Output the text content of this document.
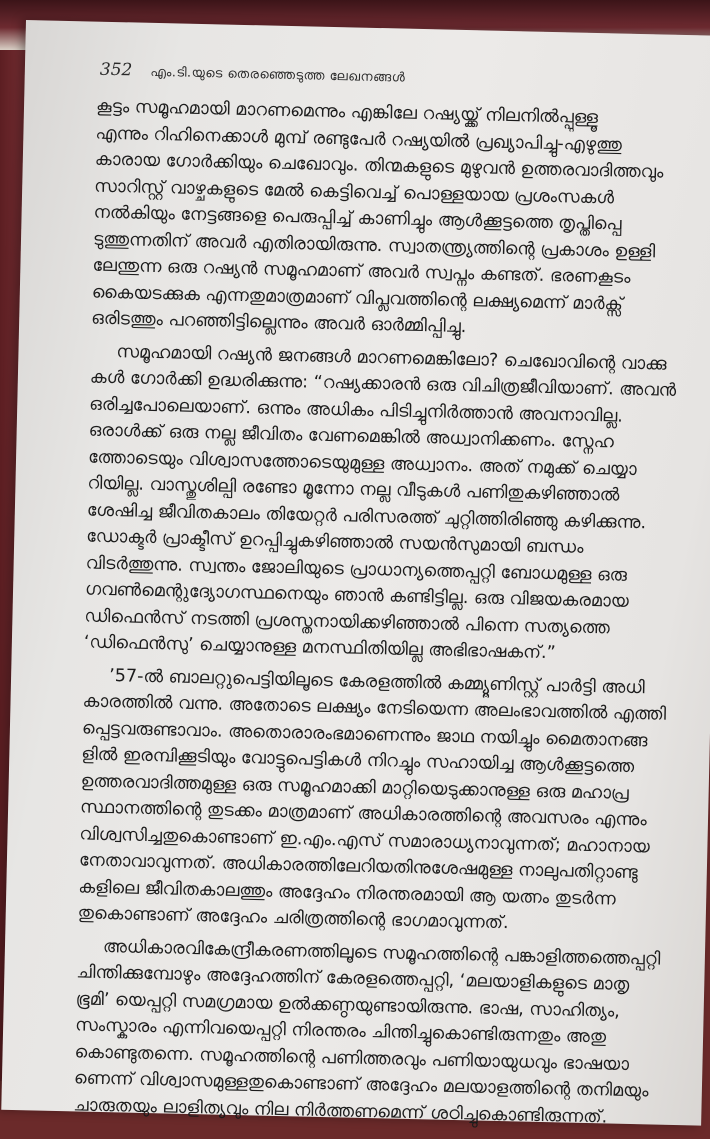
352 എം.ടി.യുടെ തെരഞ്ഞെടുത്ത ലേഖനങ്ങൾ

കൂട്ടം സമൂഹമായി മാറണമെന്നും എങ്കിലേ റഷ്യയ്ക്ക് നിലനിൽപ്പുള്ളൂ
എന്നും റിഹിനെക്കാൾ മുമ്പ് രണ്ടുപേർ റഷ്യയിൽ പ്രഖ്യാപിച്ചു-എഴുത്തു
കാരായ ഗോർക്കിയും ചെഖോവും. തിന്മകളുടെ മുഴുവൻ ഉത്തരവാദിത്തവും
സാറിസ്റ്റ് വാഴ്ചകളുടെ മേൽ കെട്ടിവെച്ച് പൊള്ളയായ പ്രശംസകൾ
നൽകിയും നേട്ടങ്ങളെ പെരുപ്പിച്ച് കാണിച്ചും ആൾക്കൂട്ടത്തെ തൃപ്തിപ്പെ
ടുത്തുന്നതിന് അവർ എതിരായിരുന്നു. സ്വാതന്ത്ര്യത്തിന്റെ പ്രകാശം ഉള്ളി
ലേന്തുന്ന ഒരു റഷ്യൻ സമൂഹമാണ് അവർ സ്വപ്നം കണ്ടത്. ഭരണകൂടം
കൈയടക്കുക എന്നതുമാത്രമാണ് വിപ്ലവത്തിന്റെ ലക്ഷ്യമെന്ന് മാർക്സ്
ഒരിടത്തും പറഞ്ഞിട്ടില്ലെന്നും അവർ ഓർമ്മിപ്പിച്ചു.

സമൂഹമായി റഷ്യൻ ജനങ്ങൾ മാറണമെങ്കിലോ? ചെഖോവിന്റെ വാക്കു
കൾ ഗോർക്കി ഉദ്ധരിക്കുന്നു: “റഷ്യക്കാരൻ ഒരു വിചിത്രജീവിയാണ്. അവൻ
ഒരിച്ചപോലെയാണ്. ഒന്നും അധികം പിടിച്ചുനിർത്താൻ അവനാവില്ല.
ഒരാൾക്ക് ഒരു നല്ല ജീവിതം വേണമെങ്കിൽ അധ്വാനിക്കണം. സ്നേഹ
ത്തോടെയും വിശ്വാസത്തോടെയുമുള്ള അധ്വാനം. അത് നമുക്ക് ചെയ്യാ
റിയില്ല. വാസ്തുശില്പി രണ്ടോ മൂന്നോ നല്ല വീടുകൾ പണിതുകഴിഞ്ഞാൽ
ശേഷിച്ച ജീവിതകാലം തിയേറ്റർ പരിസരത്ത് ചുറ്റിത്തിരിഞ്ഞു കഴിക്കുന്നു.
ഡോക്ടർ പ്രാക്ടീസ് ഉറപ്പിച്ചുകഴിഞ്ഞാൽ സയൻസുമായി ബന്ധം
വിടർത്തുന്നു. സ്വന്തം ജോലിയുടെ പ്രാധാന്യത്തെപ്പറ്റി ബോധമുള്ള ഒരു
ഗവൺമെന്റുദ്യോഗസ്ഥനെയും ഞാൻ കണ്ടിട്ടില്ല. ഒരു വിജയകരമായ
ഡിഫെൻസ് നടത്തി പ്രശസ്തനായിക്കഴിഞ്ഞാൽ പിന്നെ സത്യത്തെ
‘ഡിഫെൻസു’ ചെയ്യാനുള്ള മനസ്ഥിതിയില്ല അഭിഭാഷകന്.”

’57-ൽ ബാലറ്റുപെട്ടിയിലൂടെ കേരളത്തിൽ കമ്മ്യൂണിസ്റ്റ് പാർട്ടി അധി
കാരത്തിൽ വന്നു. അതോടെ ലക്ഷ്യം നേടിയെന്ന അലംഭാവത്തിൽ എത്തി
പ്പെട്ടവരുണ്ടാവാം. അതൊരാരംഭമാണെന്നും ജാഥ നയിച്ചും മൈതാനങ്ങ
ളിൽ ഇരമ്പിക്കൂടിയും വോട്ടുപെട്ടികൾ നിറച്ചും സഹായിച്ച ആൾക്കൂട്ടത്തെ
ഉത്തരവാദിത്തമുള്ള ഒരു സമൂഹമാക്കി മാറ്റിയെടുക്കാനുള്ള ഒരു മഹാപ്ര
സ്ഥാനത്തിന്റെ തുടക്കം മാത്രമാണ് അധികാരത്തിന്റെ അവസരം എന്നും
വിശ്വസിച്ചതുകൊണ്ടാണ് ഇ.എം.എസ് സമാരാധ്യനാവുന്നത്; മഹാനായ
നേതാവാവുന്നത്. അധികാരത്തിലേറിയതിനുശേഷമുള്ള നാലുപതിറ്റാണ്ടു
കളിലെ ജീവിതകാലത്തും അദ്ദേഹം നിരന്തരമായി ആ യത്നം തുടർന്ന
തുകൊണ്ടാണ് അദ്ദേഹം ചരിത്രത്തിന്റെ ഭാഗമാവുന്നത്.

അധികാരവികേന്ദ്രീകരണത്തിലൂടെ സമൂഹത്തിന്റെ പങ്കാളിത്തത്തെപ്പറ്റി
ചിന്തിക്കുമ്പോഴും അദ്ദേഹത്തിന് കേരളത്തെപ്പറ്റി, ‘മലയാളികളുടെ മാതൃ
ഭൂമി’ യെപ്പറ്റി സമഗ്രമായ ഉൽക്കണ്ഠയുണ്ടായിരുന്നു. ഭാഷ, സാഹിത്യം,
സംസ്കാരം എന്നിവയെപ്പറ്റി നിരന്തരം ചിന്തിച്ചുകൊണ്ടിരുന്നതും അതു
കൊണ്ടുതന്നെ. സമൂഹത്തിന്റെ പണിത്തരവും പണിയായുധവും ഭാഷയാ
ണെന്ന് വിശ്വാസമുള്ളതുകൊണ്ടാണ് അദ്ദേഹം മലയാളത്തിന്റെ തനിമയും
ചാരുതയും ലാളിത്യവും നില നിർത്തണമെന്ന് ശഠിച്ചുകൊണ്ടിരുന്നത്.
